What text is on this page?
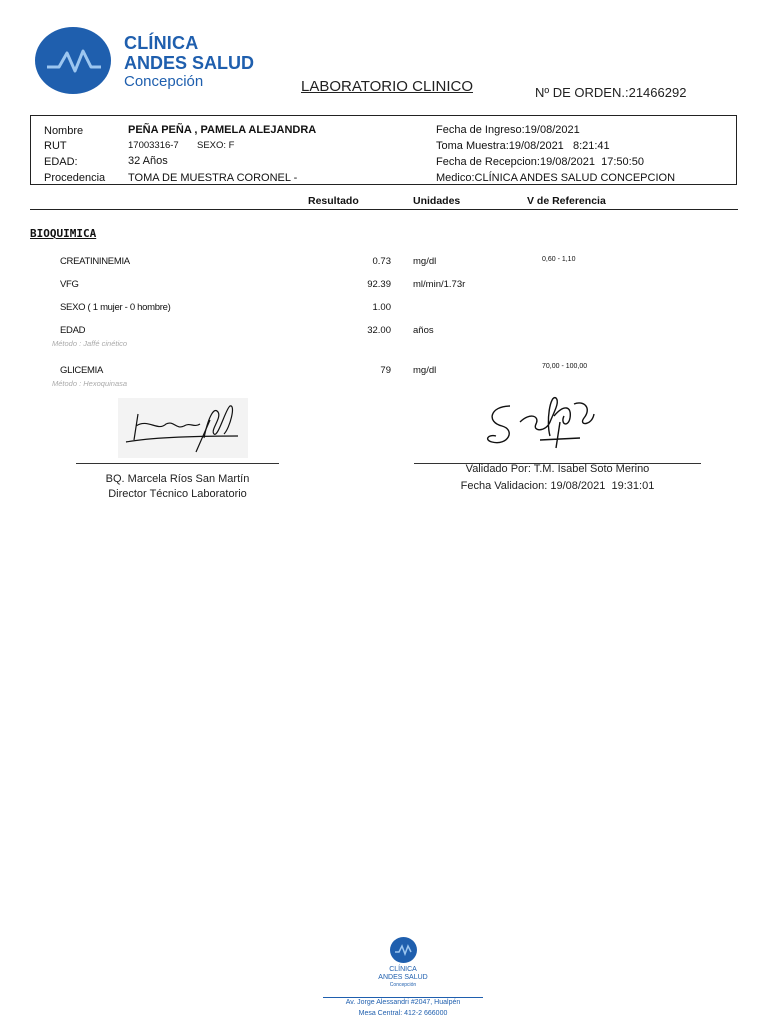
CLÍNICA
ANDES SALUD
Concepción	LABORATORIO CLINICO	Nº DE ORDEN.:21466292
Nombre	PEÑA PEÑA , PAMELA ALEJANDRA
RUT	17003316-7 SEXO: F
EDAD:	32 Años
Procedencia TOMA DE MUESTRA CORONEL -
Fecha de Ingreso:19/08/2021
Toma Muestra:19/08/2021   8:21:41
Fecha de Recepcion:19/08/2021  17:50:50
Medico:CLÍNICA ANDES SALUD CONCEPCION
Resultado	Unidades	V de Referencia
BIOQUIMICA
CREATININEMIA	0.73 mg/dl	0,60 - 1,10
VFG	92.39 ml/min/1.73r
SEXO ( 1 mujer - 0 hombre)	1.00
EDAD	32.00 años
Método : Jaffé cinético
GLICEMIA	79 mg/dl	70,00 - 100,00
Método : Hexoquinasa
BQ. Marcela Ríos San Martín
Director Técnico Laboratorio
Validado Por: T.M. Isabel Soto Merino
Fecha Validacion: 19/08/2021  19:31:01
CLÍNICA
ANDES SALUD
Concepción
Av. Jorge Alessandri #2047, Hualpén
Mesa Central: 412-2 666000
